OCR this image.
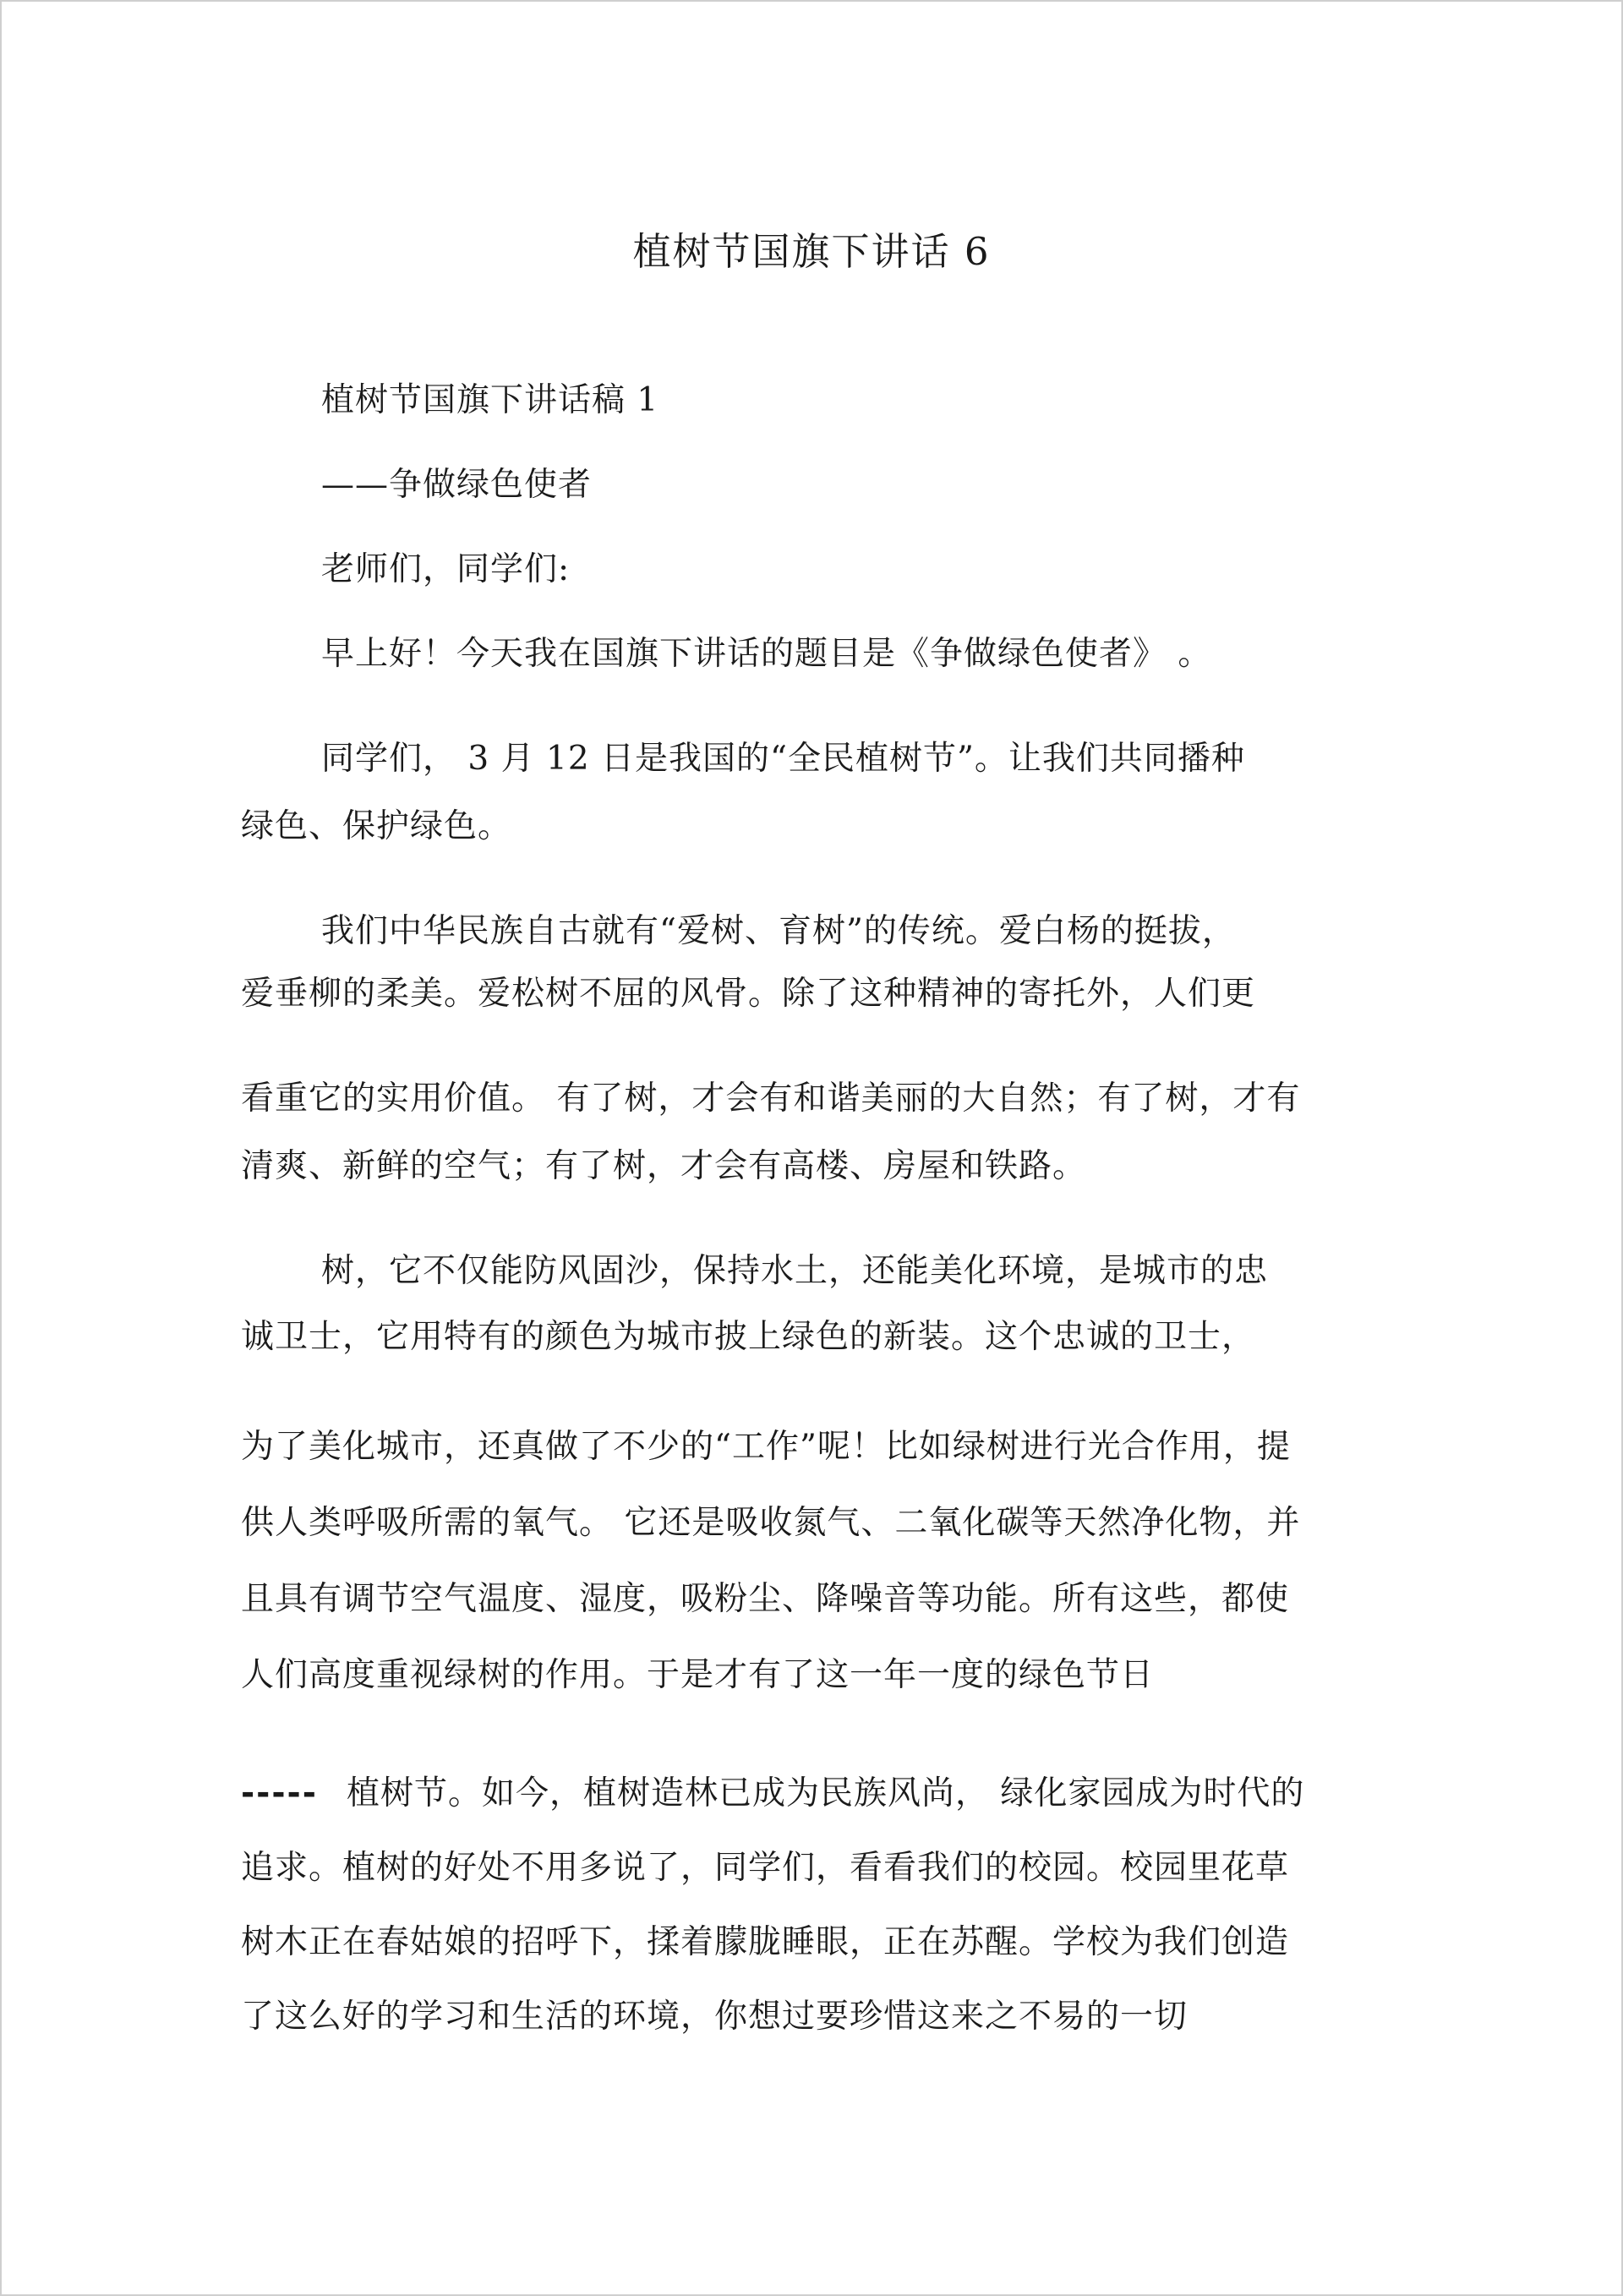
植树节国旗下讲话 6
植树节国旗下讲话稿 1
——争做绿色使者
老师们，同学们:
早上好！今天我在国旗下讲话的题目是《争做绿色使者》 。
同学们， 3 月 12 日是我国的“全民植树节”。让我们共同播种
绿色、保护绿色。
我们中华民族自古就有“爱树、育树”的传统。爱白杨的挺拔，
爱垂柳的柔美。爱松树不屈的风骨。除了这种精神的寄托外，人们更
看重它的实用价值。 有了树，才会有和谐美丽的大自然；有了树，才有
清爽、新鲜的空气；有了树，才会有高楼、房屋和铁路。
树，它不仅能防风固沙，保持水土，还能美化环境，是城市的忠
诚卫士，它用特有的颜色为城市披上绿色的新装。这个忠诚的卫士，
为了美化城市，还真做了不少的“工作”呢！比如绿树进行光合作用，提
供人类呼吸所需的氧气。 它还是吸收氮气、二氧化碳等天然净化物，并
且具有调节空气温度、湿度，吸粉尘、降噪音等功能。所有这些，都使
人们高度重视绿树的作用。于是才有了这一年一度的绿色节日
----- 植树节。如今，植树造林已成为民族风尚， 绿化家园成为时代的
追求。植树的好处不用多说了，同学们，看看我们的校园。校园里花草
树木正在春姑娘的招呼下，揉着朦胧睡眼，正在苏醒。学校为我们创造
了这么好的学习和生活的环境，你想过要珍惜这来之不易的一切
